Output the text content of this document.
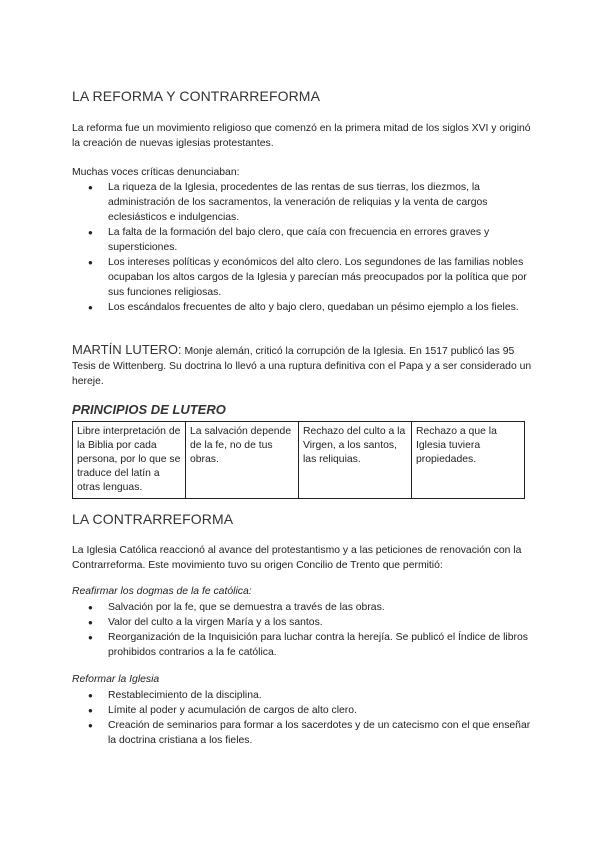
LA REFORMA Y CONTRARREFORMA

La reforma fue un movimiento religioso que comenzó en la primera mitad de los siglos XVI y originó la creación de nuevas iglesias protestantes.

Muchas voces críticas denunciaban:

● La riqueza de la Iglesia, procedentes de las rentas de sus tierras, los diezmos, la administración de los sacramentos, la veneración de reliquias y la venta de cargos eclesiásticos e indulgencias.
● La falta de la formación del bajo clero, que caía con frecuencia en errores graves y supersticiones.
● Los intereses políticas y económicos del alto clero. Los segundones de las familias nobles ocupaban los altos cargos de la Iglesia y parecían más preocupados por la política que por sus funciones religiosas.
● Los escándalos frecuentes de alto y bajo clero, quedaban un pésimo ejemplo a los fieles.

MARTÍN LUTERO: Monje alemán, criticó la corrupción de la Iglesia. En 1517 publicó las 95 Tesis de Wittenberg. Su doctrina lo llevó a una ruptura definitiva con el Papa y a ser considerado un hereje.

PRINCIPIOS DE LUTERO
Libre interpretación de la Biblia por cada persona, por lo que se traduce del latín a otras lenguas.	La salvación depende de la fe, no de tus obras.	Rechazo del culto a la Virgen, a los santos, las reliquias.	Rechazo a que la Iglesia tuviera propiedades.
LA CONTRARREFORMA

La Iglesia Católica reaccionó al avance del protestantismo y a las peticiones de renovación con la Contrarreforma. Este movimiento tuvo su origen Concilio de Trento que permitió:

Reafirmar los dogmas de la fe católica:

● Salvación por la fe, que se demuestra a través de las obras.
● Valor del culto a la virgen María y a los santos.
● Reorganización de la Inquisición para luchar contra la herejía. Se publicó el Índice de libros prohibidos contrarios a la fe católica.

Reformar la Iglesia

● Restablecimiento de la disciplina.
● Límite al poder y acumulación de cargos de alto clero.
● Creación de seminarios para formar a los sacerdotes y de un catecismo con el que enseñar la doctrina cristiana a los fieles.
